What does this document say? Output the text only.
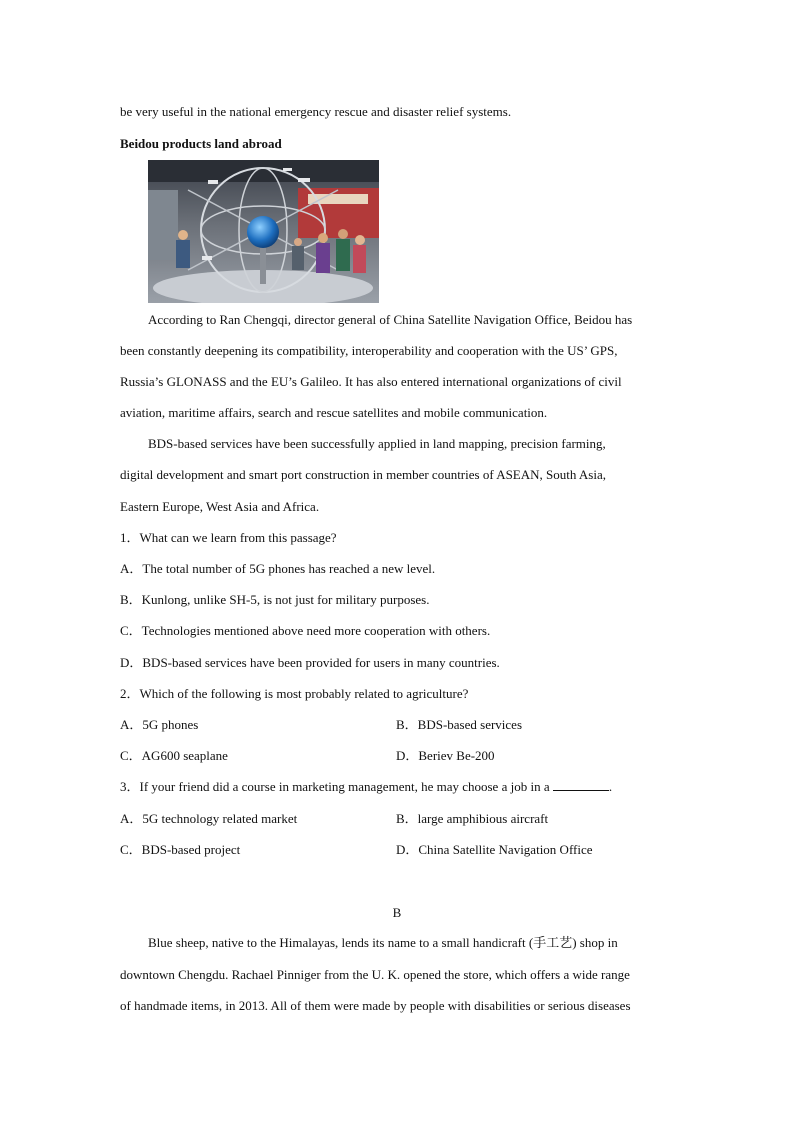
be very useful in the national emergency rescue and disaster relief systems.
Beidou products land abroad
According to Ran Chengqi, director general of China Satellite Navigation Office, Beidou has
been constantly deepening its compatibility, interoperability and cooperation with the US’ GPS,
Russia’s GLONASS and the EU’s Galileo. It has also entered international organizations of civil
aviation, maritime affairs, search and rescue satellites and mobile communication.
BDS-based services have been successfully applied in land mapping, precision farming,
digital development and smart port construction in member countries of ASEAN, South Asia,
Eastern Europe, West Asia and Africa.
1．What can we learn from this passage?
A．The total number of 5G phones has reached a new level.
B．Kunlong, unlike SH-5, is not just for military purposes.
C．Technologies mentioned above need more cooperation with others.
D．BDS-based services have been provided for users in many countries.
2．Which of the following is most probably related to agriculture?
A．5G phones	B．BDS-based services
C．AG600 seaplane	D．Beriev Be-200
3．If your friend did a course in marketing management, he may choose a job in a	.
A．5G technology related market	B．large amphibious aircraft
C．BDS-based project	D．China Satellite Navigation Office
B
Blue sheep, native to the Himalayas, lends its name to a small handicraft (手工艺) shop in
downtown Chengdu. Rachael Pinniger from the U. K. opened the store, which offers a wide range
of handmade items, in 2013. All of them were made by people with disabilities or serious diseases
